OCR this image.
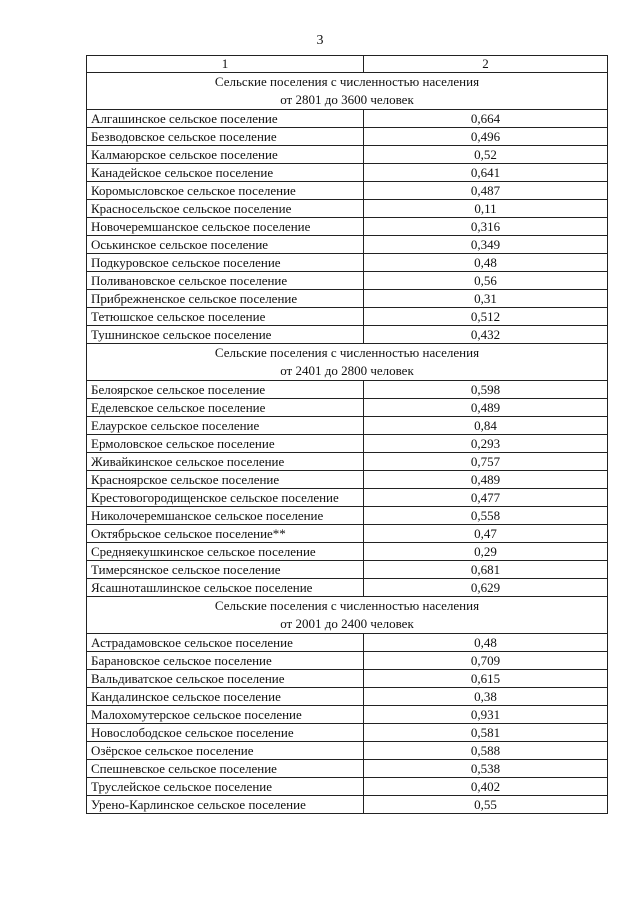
3
1	2

Сельские поселения с численностью населения
от 2801 до 3600 человек	

Алгашинское сельское поселение	0,664
Безводовское сельское поселение	0,496
Калмаюрское сельское поселение	0,52
Канадейское сельское поселение	0,641
Коромысловское сельское поселение	0,487
Красносельское сельское поселение	0,11
Новочеремшанское сельское поселение	0,316
Оськинское сельское поселение	0,349
Подкуровское сельское поселение	0,48
Поливановское сельское поселение	0,56
Прибрежненское сельское поселение	0,31
Тетюшское сельское поселение	0,512
Тушнинское сельское поселение	0,432

Сельские поселения с численностью населения
от 2401 до 2800 человек	

Белоярское сельское поселение	0,598
Еделевское сельское поселение	0,489
Елаурское сельское поселение	0,84
Ермоловское сельское поселение	0,293
Живайкинское сельское поселение	0,757
Красноярское сельское поселение	0,489
Крестовогородищенское сельское поселение	0,477
Николочеремшанское сельское поселение	0,558
Октябрьское сельское поселение**	0,47
Средняекушкинское сельское поселение	0,29
Тимерсянское сельское поселение	0,681
Ясашноташлинское сельское поселение	0,629

Сельские поселения с численностью населения
от 2001 до 2400 человек	

Астрадамовское сельское поселение	0,48
Барановское сельское поселение	0,709
Вальдиватское сельское поселение	0,615
Кандалинское сельское поселение	0,38
Малохомутерское сельское поселение	0,931
Новослободское сельское поселение	0,581
Озёрское сельское поселение	0,588
Спешневское сельское поселение	0,538
Труслейское сельское поселение	0,402
Урено-Карлинское сельское поселение	0,55
